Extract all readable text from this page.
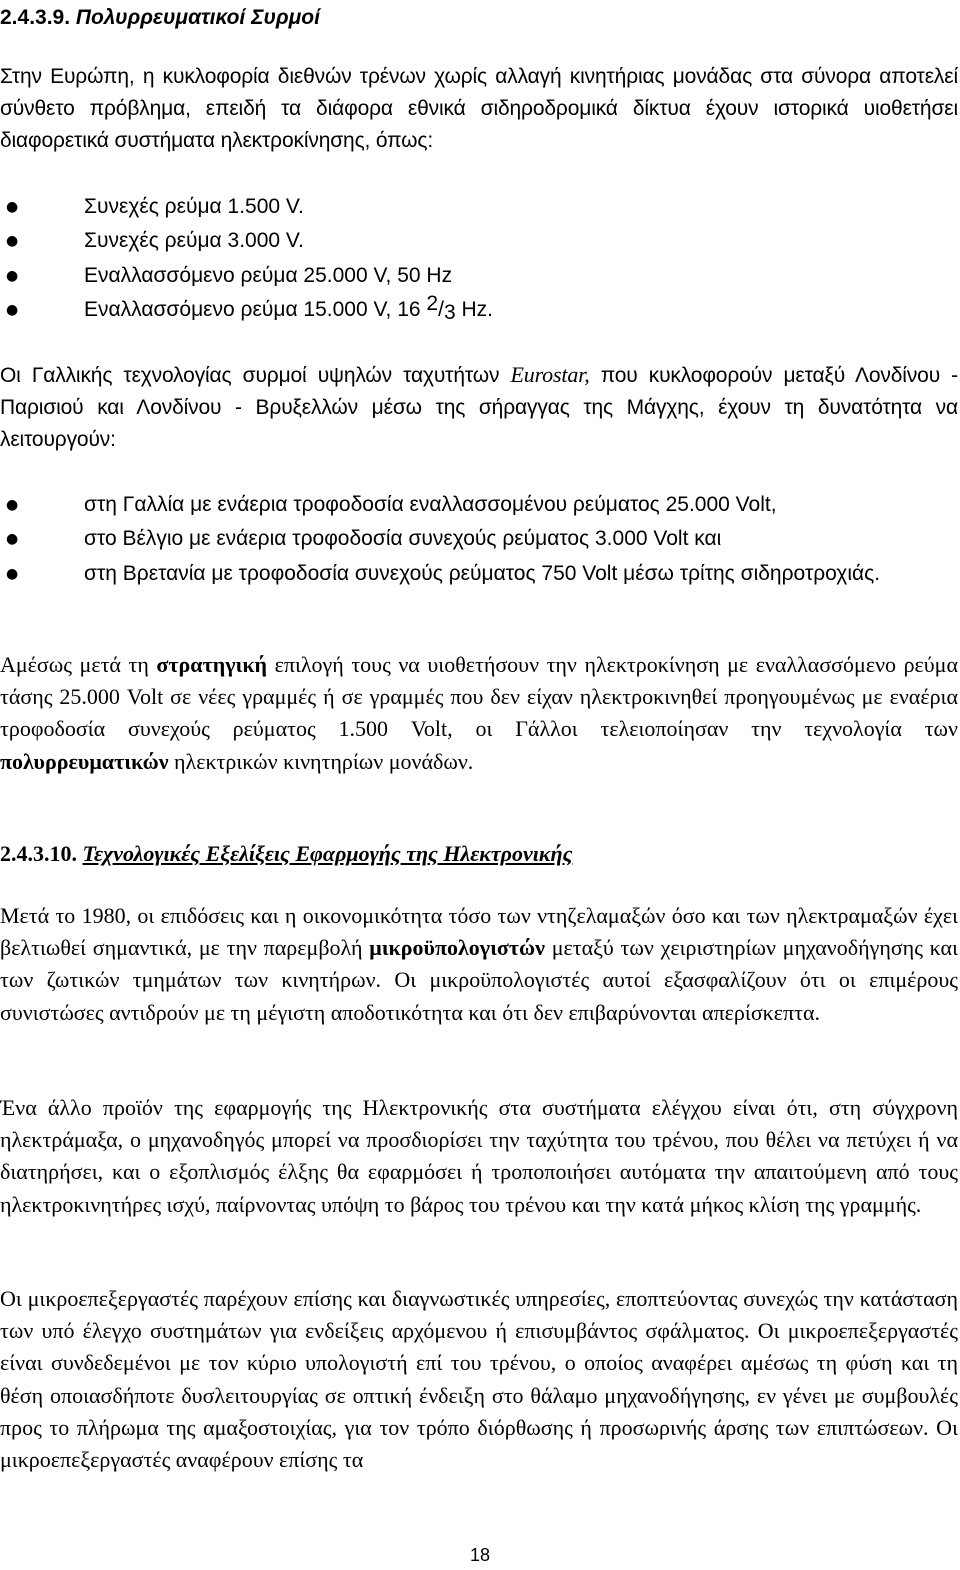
2.4.3.9. Πολυρρευματικοί Συρμοί

Στην Ευρώπη, η κυκλοφορία διεθνών τρένων χωρίς αλλαγή κινητήριας μονάδας στα σύνορα αποτελεί σύνθετο πρόβλημα, επειδή τα διάφορα εθνικά σιδηροδρομικά δίκτυα έχουν ιστορικά υιοθετήσει διαφορετικά συστήματα ηλεκτροκίνησης, όπως:

●	Συνεχές ρεύμα 1.500 V.
●	Συνεχές ρεύμα 3.000 V.
●	Εναλλασσόμενο ρεύμα 25.000 V, 50 Hz
●	Εναλλασσόμενο ρεύμα 15.000 V, 16 2/3 Hz.

Οι Γαλλικής τεχνολογίας συρμοί υψηλών ταχυτήτων Eurostar, που κυκλοφορούν μεταξύ Λονδίνου - Παρισιού και Λονδίνου - Βρυξελλών μέσω της σήραγγας της Μάγχης, έχουν τη δυνατότητα να λειτουργούν:

●	στη Γαλλία με ενάερια τροφοδοσία εναλλασσομένου ρεύματος 25.000 Volt,
●	στο Βέλγιο με ενάερια τροφοδοσία συνεχούς ρεύματος 3.000 Volt και
●	στη Βρετανία με τροφοδοσία συνεχούς ρεύματος 750 Volt μέσω τρίτης σιδηροτροχιάς.

Αμέσως μετά τη στρατηγική επιλογή τους να υιοθετήσουν την ηλεκτροκίνηση με εναλλασσόμενο ρεύμα τάσης 25.000 Volt σε νέες γραμμές ή σε γραμμές που δεν είχαν ηλεκτροκινηθεί προηγουμένως με εναέρια τροφοδοσία συνεχούς ρεύματος 1.500 Volt, οι Γάλλοι τελειοποίησαν την τεχνολογία των πολυρρευματικών ηλεκτρικών κινητηρίων μονάδων.

2.4.3.10. Τεχνολογικές Εξελίξεις Εφαρμογής της Ηλεκτρονικής

Μετά το 1980, οι επιδόσεις και η οικονομικότητα τόσο των ντηζελαμαξών όσο και των ηλεκτραμαξών έχει βελτιωθεί σημαντικά, με την παρεμβολή μικροϋπολογιστών μεταξύ των χειριστηρίων μηχανοδήγησης και των ζωτικών τμημάτων των κινητήρων. Οι μικροϋπολογιστές αυτοί εξασφαλίζουν ότι οι επιμέρους συνιστώσες αντιδρούν με τη μέγιστη αποδοτικότητα και ότι δεν επιβαρύνονται απερίσκεπτα.

Ένα άλλο προϊόν της εφαρμογής της Ηλεκτρονικής στα συστήματα ελέγχου είναι ότι, στη σύγχρονη ηλεκτράμαξα, ο μηχανοδηγός μπορεί να προσδιορίσει την ταχύτητα του τρένου, που θέλει να πετύχει ή να διατηρήσει, και ο εξοπλισμός έλξης θα εφαρμόσει ή τροποποιήσει αυτόματα την απαιτούμενη από τους ηλεκτροκινητήρες ισχύ, παίρνοντας υπόψη το βάρος του τρένου και την κατά μήκος κλίση της γραμμής.

Οι μικροεπεξεργαστές παρέχουν επίσης και διαγνωστικές υπηρεσίες, εποπτεύοντας συνεχώς την κατάσταση των υπό έλεγχο συστημάτων για ενδείξεις αρχόμενου ή επισυμβάντος σφάλματος. Οι μικροεπεξεργαστές είναι συνδεδεμένοι με τον κύριο υπολογιστή επί του τρένου, ο οποίος αναφέρει αμέσως τη φύση και τη θέση οποιασδήποτε δυσλειτουργίας σε οπτική ένδειξη στο θάλαμο μηχανοδήγησης, εν γένει με συμβουλές προς το πλήρωμα της αμαξοστοιχίας, για τον τρόπο διόρθωσης ή προσωρινής άρσης των επιπτώσεων. Οι μικροεπεξεργαστές αναφέρουν επίσης τα

18
